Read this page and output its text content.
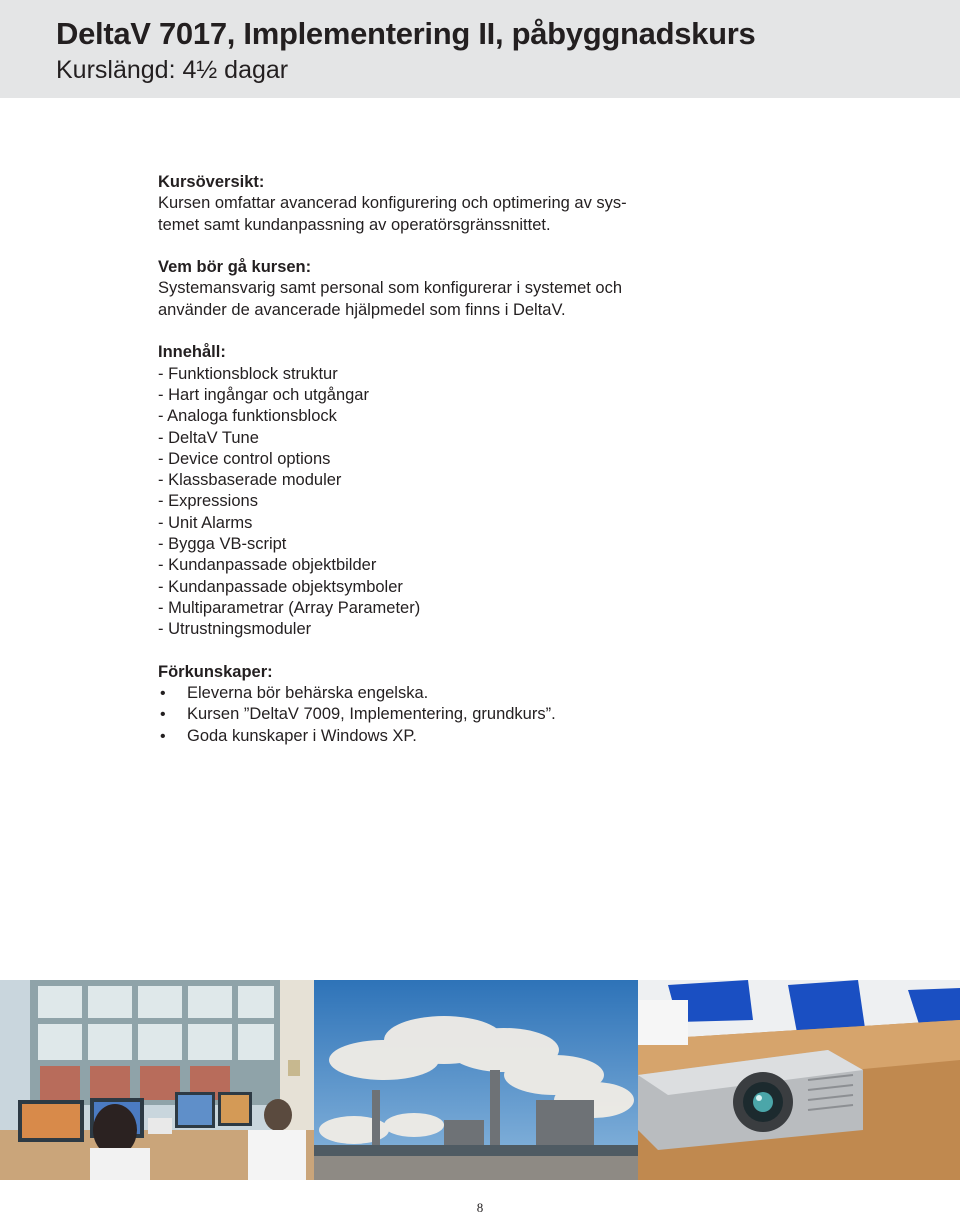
DeltaV 7017, Implementering II, påbyggnadskurs
Kurslängd: 4½ dagar
Kursöversikt:
Kursen omfattar avancerad konfigurering och optimering av sys-
temet samt kundanpassning av operatörsgränssnittet.
Vem bör gå kursen:
Systemansvarig samt personal som konfigurerar i systemet och
använder de avancerade hjälpmedel som finns i DeltaV.
Innehåll:
- Funktionsblock struktur
- Hart ingångar och utgångar
- Analoga funktionsblock
- DeltaV Tune
- Device control options
- Klassbaserade moduler
- Expressions
- Unit Alarms
- Bygga VB-script
- Kundanpassade objektbilder
- Kundanpassade objektsymboler
- Multiparametrar (Array Parameter)
- Utrustningsmoduler
Förkunskaper:
• Eleverna bör behärska engelska.
• Kursen ”DeltaV 7009, Implementering, grundkurs”.
• Goda kunskaper i Windows XP.
8
